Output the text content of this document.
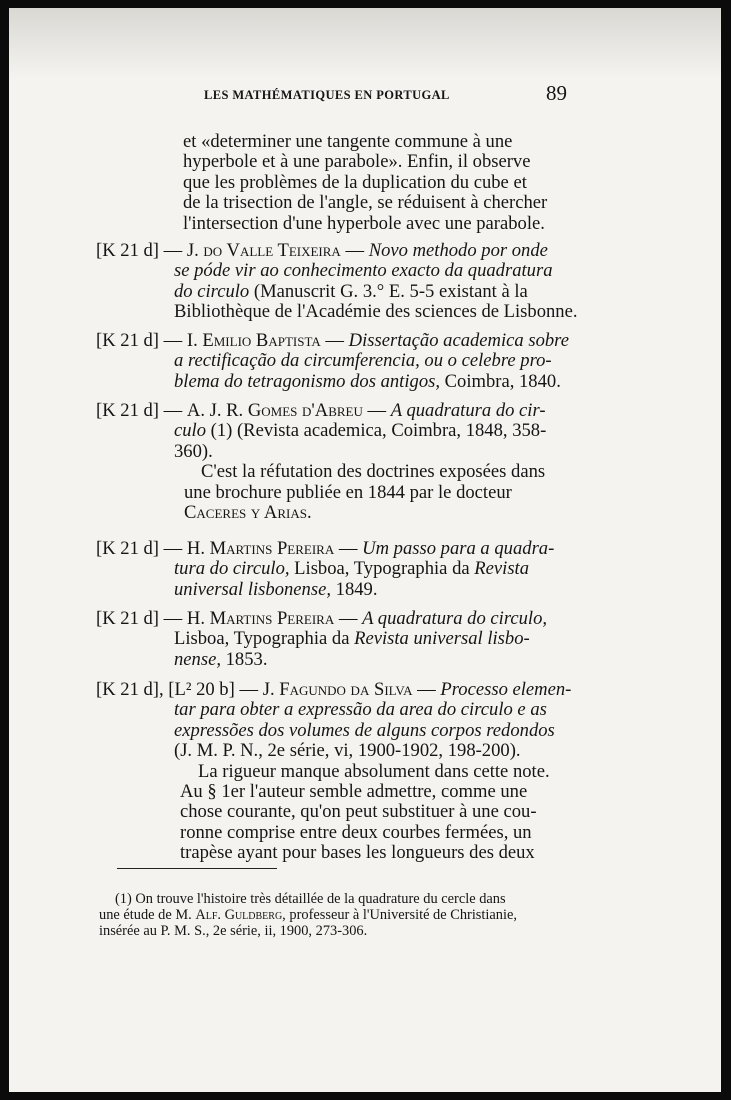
LES MATHÉMATIQUES EN PORTUGAL	89
et «determiner une tangente commune à une
hyperbole et à une parabole». Enfin, il observe
que les problèmes de la duplication du cube et
de la trisection de l'angle, se réduisent à chercher
l'intersection d'une hyperbole avec une parabole.
[K 21 d] — J. do Valle Teixeira — Novo methodo por onde
se póde vir ao conhecimento exacto da quadratura
do circulo (Manuscrit G. 3.° E. 5-5 existant à la
Bibliothèque de l'Académie des sciences de Lisbonne.
[K 21 d] — I. Emilio Baptista — Dissertação academica sobre
a rectificação da circumferencia, ou o celebre pro-
blema do tetragonismo dos antigos, Coimbra, 1840.
[K 21 d] — A. J. R. Gomes d'Abreu — A quadratura do cir-
culo (1) (Revista academica, Coimbra, 1848, 358-
360).
C'est la réfutation des doctrines exposées dans
une brochure publiée en 1844 par le docteur
Caceres y Arias.
[K 21 d] — H. Martins Pereira — Um passo para a quadra-
tura do circulo, Lisboa, Typographia da Revista
universal lisbonense, 1849.
[K 21 d] — H. Martins Pereira — A quadratura do circulo,
Lisboa, Typographia da Revista universal lisbo-
nense, 1853.
[K 21 d], [L² 20 b] — J. Fagundo da Silva — Processo elemen-
tar para obter a expressão da area do circulo e as
expressões dos volumes de alguns corpos redondos
(J. M. P. N., 2e série, vi, 1900-1902, 198-200).
La rigueur manque absolument dans cette note.
Au § 1er l'auteur semble admettre, comme une
chose courante, qu'on peut substituer à une cou-
ronne comprise entre deux courbes fermées, un
trapèse ayant pour bases les longueurs des deux
(1) On trouve l'histoire très détaillée de la quadrature du cercle dans
une étude de M. Alf. Guldberg, professeur à l'Université de Christianie,
insérée au P. M. S., 2e série, ii, 1900, 273-306.
